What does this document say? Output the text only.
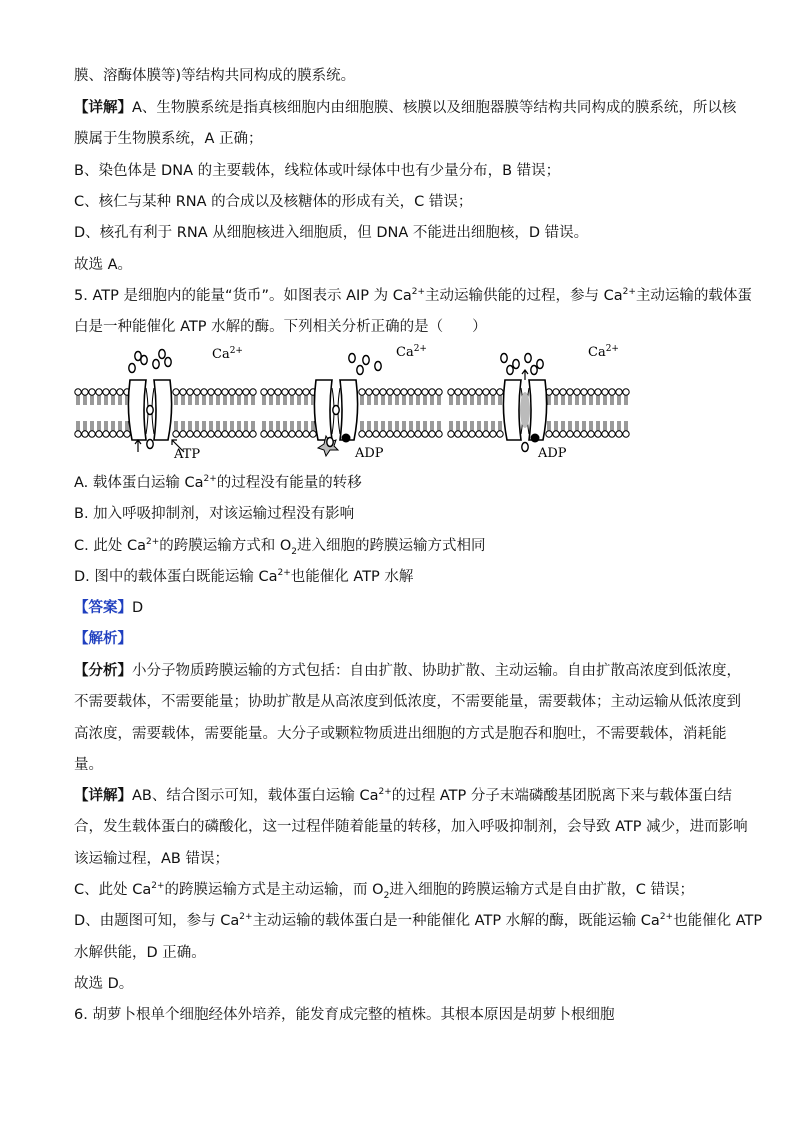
膜、溶酶体膜等)等结构共同构成的膜系统。
【详解】A、生物膜系统是指真核细胞内由细胞膜、核膜以及细胞器膜等结构共同构成的膜系统，所以核
膜属于生物膜系统，A 正确；
B、染色体是 DNA 的主要载体，线粒体或叶绿体中也有少量分布，B 错误；
C、核仁与某种 RNA 的合成以及核糖体的形成有关，C 错误；
D、核孔有利于 RNA 从细胞核进入细胞质，但 DNA 不能进出细胞核，D 错误。
故选 A。
5. ATP 是细胞内的能量“货币”。如图表示 AIP 为 $Ca^{2+}$主动运输供能的过程，参与 $Ca^{2+}$主动运输的载体蛋
白是一种能催化 ATP 水解的酶。下列相关分析正确的是（　　）
$Ca^{2+}$	$Ca^{2+}$	$Ca^{2+}$
ATP	ADP	ADP
A. 载体蛋白运输 $Ca^{2+}$的过程没有能量的转移
B. 加入呼吸抑制剂，对该运输过程没有影响
C. 此处 $Ca^{2+}$的跨膜运输方式和 $O_2$进入细胞的跨膜运输方式相同
D. 图中的载体蛋白既能运输 $Ca^{2+}$也能催化 ATP 水解
【答案】D
【解析】
【分析】小分子物质跨膜运输的方式包括：自由扩散、协助扩散、主动运输。自由扩散高浓度到低浓度，
不需要载体，不需要能量；协助扩散是从高浓度到低浓度，不需要能量，需要载体；主动运输从低浓度到
高浓度，需要载体，需要能量。大分子或颗粒物质进出细胞的方式是胞吞和胞吐，不需要载体，消耗能
量。
【详解】AB、结合图示可知，载体蛋白运输 $Ca^{2+}$的过程 ATP 分子末端磷酸基团脱离下来与载体蛋白结
合，发生载体蛋白的磷酸化，这一过程伴随着能量的转移，加入呼吸抑制剂，会导致 ATP 减少，进而影响
该运输过程，AB 错误；
C、此处 $Ca^{2+}$的跨膜运输方式是主动运输，而 $O_2$进入细胞的跨膜运输方式是自由扩散，C 错误；
D、由题图可知，参与 $Ca^{2+}$主动运输的载体蛋白是一种能催化 ATP 水解的酶，既能运输 $Ca^{2+}$也能催化 ATP
水解供能，D 正确。
故选 D。
6. 胡萝卜根单个细胞经体外培养，能发育成完整的植株。其根本原因是胡萝卜根细胞
